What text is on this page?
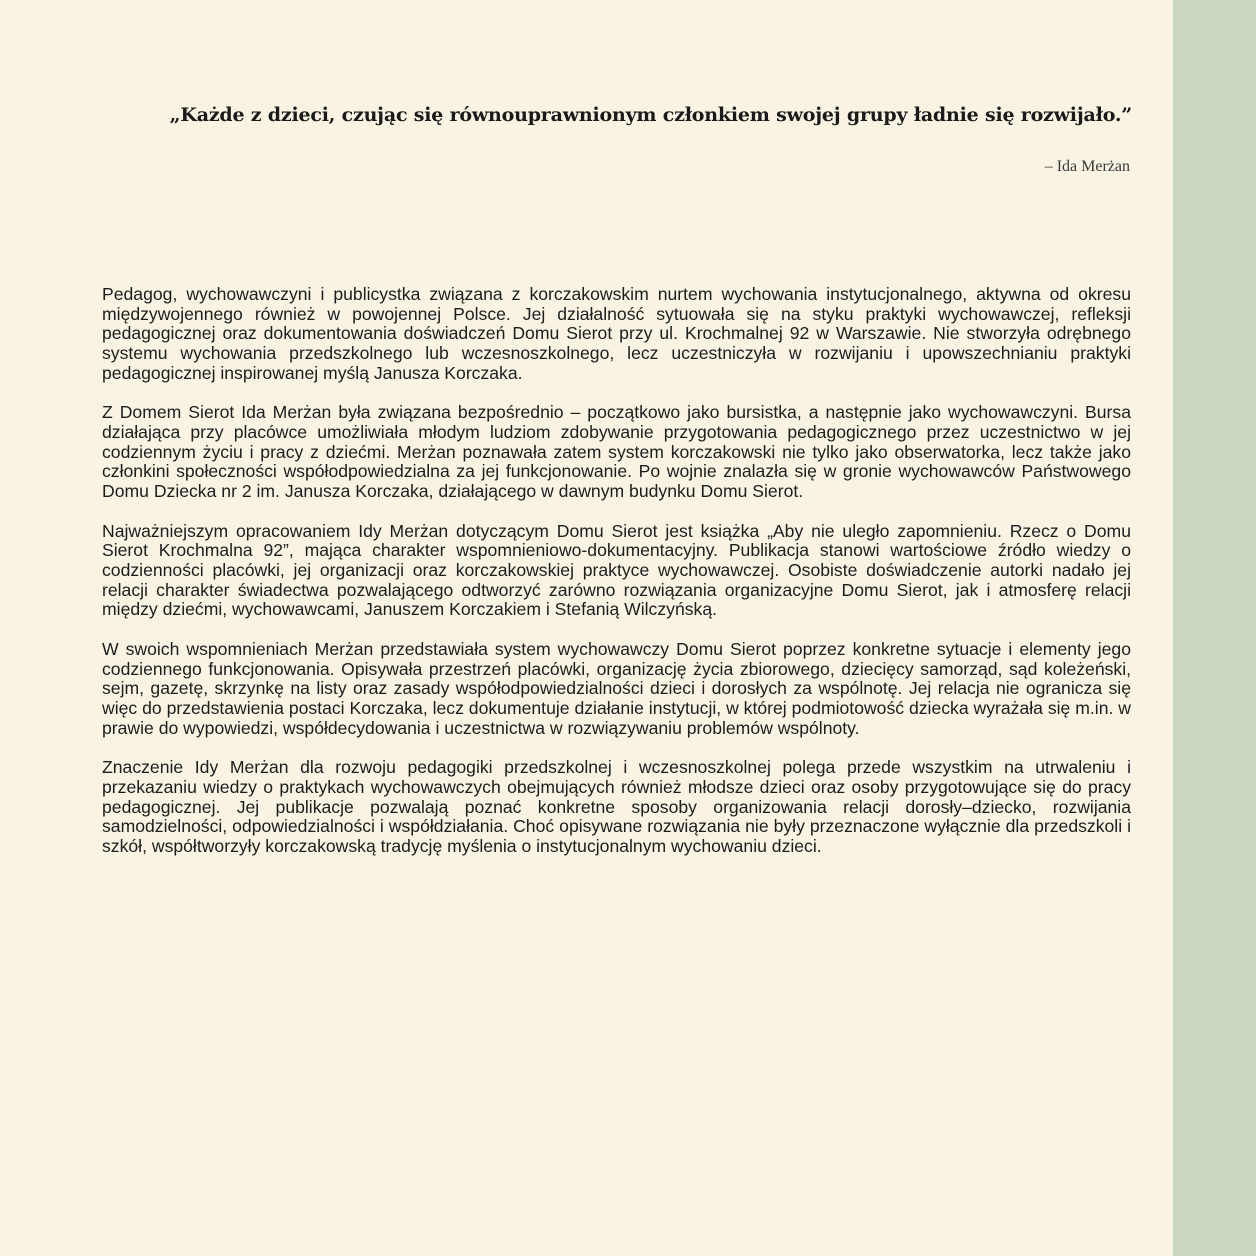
„Każde z dzieci, czując się równouprawnionym członkiem swojej grupy ładnie się rozwijało.”
– Ida Merżan

Pedagog, wychowawczyni i publicystka związana z korczakowskim nurtem wychowania instytucjonalnego, aktywna od okresu międzywojennego również w powojennej Polsce. Jej działalność sytuowała się na styku praktyki wychowawczej, refleksji pedagogicznej oraz dokumentowania doświadczeń Domu Sierot przy ul. Krochmalnej 92 w Warszawie. Nie stworzyła odrębnego systemu wychowania przedszkolnego lub wczesnoszkolnego, lecz uczestniczyła w rozwijaniu i upowszechnianiu praktyki pedagogicznej inspirowanej myślą Janusza Korczaka.

Z Domem Sierot Ida Merżan była związana bezpośrednio – początkowo jako bursistka, a następnie jako wychowawczyni. Bursa działająca przy placówce umożliwiała młodym ludziom zdobywanie przygotowania pedagogicznego przez uczestnictwo w jej codziennym życiu i pracy z dziećmi. Merżan poznawała zatem system korczakowski nie tylko jako obserwatorka, lecz także jako członkini społeczności współodpowiedzialna za jej funkcjonowanie. Po wojnie znalazła się w gronie wychowawców Państwowego Domu Dziecka nr 2 im. Janusza Korczaka, działającego w dawnym budynku Domu Sierot.

Najważniejszym opracowaniem Idy Merżan dotyczącym Domu Sierot jest książka „Aby nie uległo zapomnieniu. Rzecz o Domu Sierot Krochmalna 92”, mająca charakter wspomnieniowo-dokumentacyjny. Publikacja stanowi wartościowe źródło wiedzy o codzienności placówki, jej organizacji oraz korczakowskiej praktyce wychowawczej. Osobiste doświadczenie autorki nadało jej relacji charakter świadectwa pozwalającego odtworzyć zarówno rozwiązania organizacyjne Domu Sierot, jak i atmosferę relacji między dziećmi, wychowawcami, Januszem Korczakiem i Stefanią Wilczyńską.

W swoich wspomnieniach Merżan przedstawiała system wychowawczy Domu Sierot poprzez konkretne sytuacje i elementy jego codziennego funkcjonowania. Opisywała przestrzeń placówki, organizację życia zbiorowego, dziecięcy samorząd, sąd koleżeński, sejm, gazetę, skrzynkę na listy oraz zasady współodpowiedzialności dzieci i dorosłych za wspólnotę. Jej relacja nie ogranicza się więc do przedstawienia postaci Korczaka, lecz dokumentuje działanie instytucji, w której podmiotowość dziecka wyrażała się m.in. w prawie do wypowiedzi, współdecydowania i uczestnictwa w rozwiązywaniu problemów wspólnoty.

Znaczenie Idy Merżan dla rozwoju pedagogiki przedszkolnej i wczesnoszkolnej polega przede wszystkim na utrwaleniu i przekazaniu wiedzy o praktykach wychowawczych obejmujących również młodsze dzieci oraz osoby przygotowujące się do pracy pedagogicznej. Jej publikacje pozwalają poznać konkretne sposoby organizowania relacji dorosły–dziecko, rozwijania samodzielności, odpowiedzialności i współdziałania. Choć opisywane rozwiązania nie były przeznaczone wyłącznie dla przedszkoli i szkół, współtworzyły korczakowską tradycję myślenia o instytucjonalnym wychowaniu dzieci.
